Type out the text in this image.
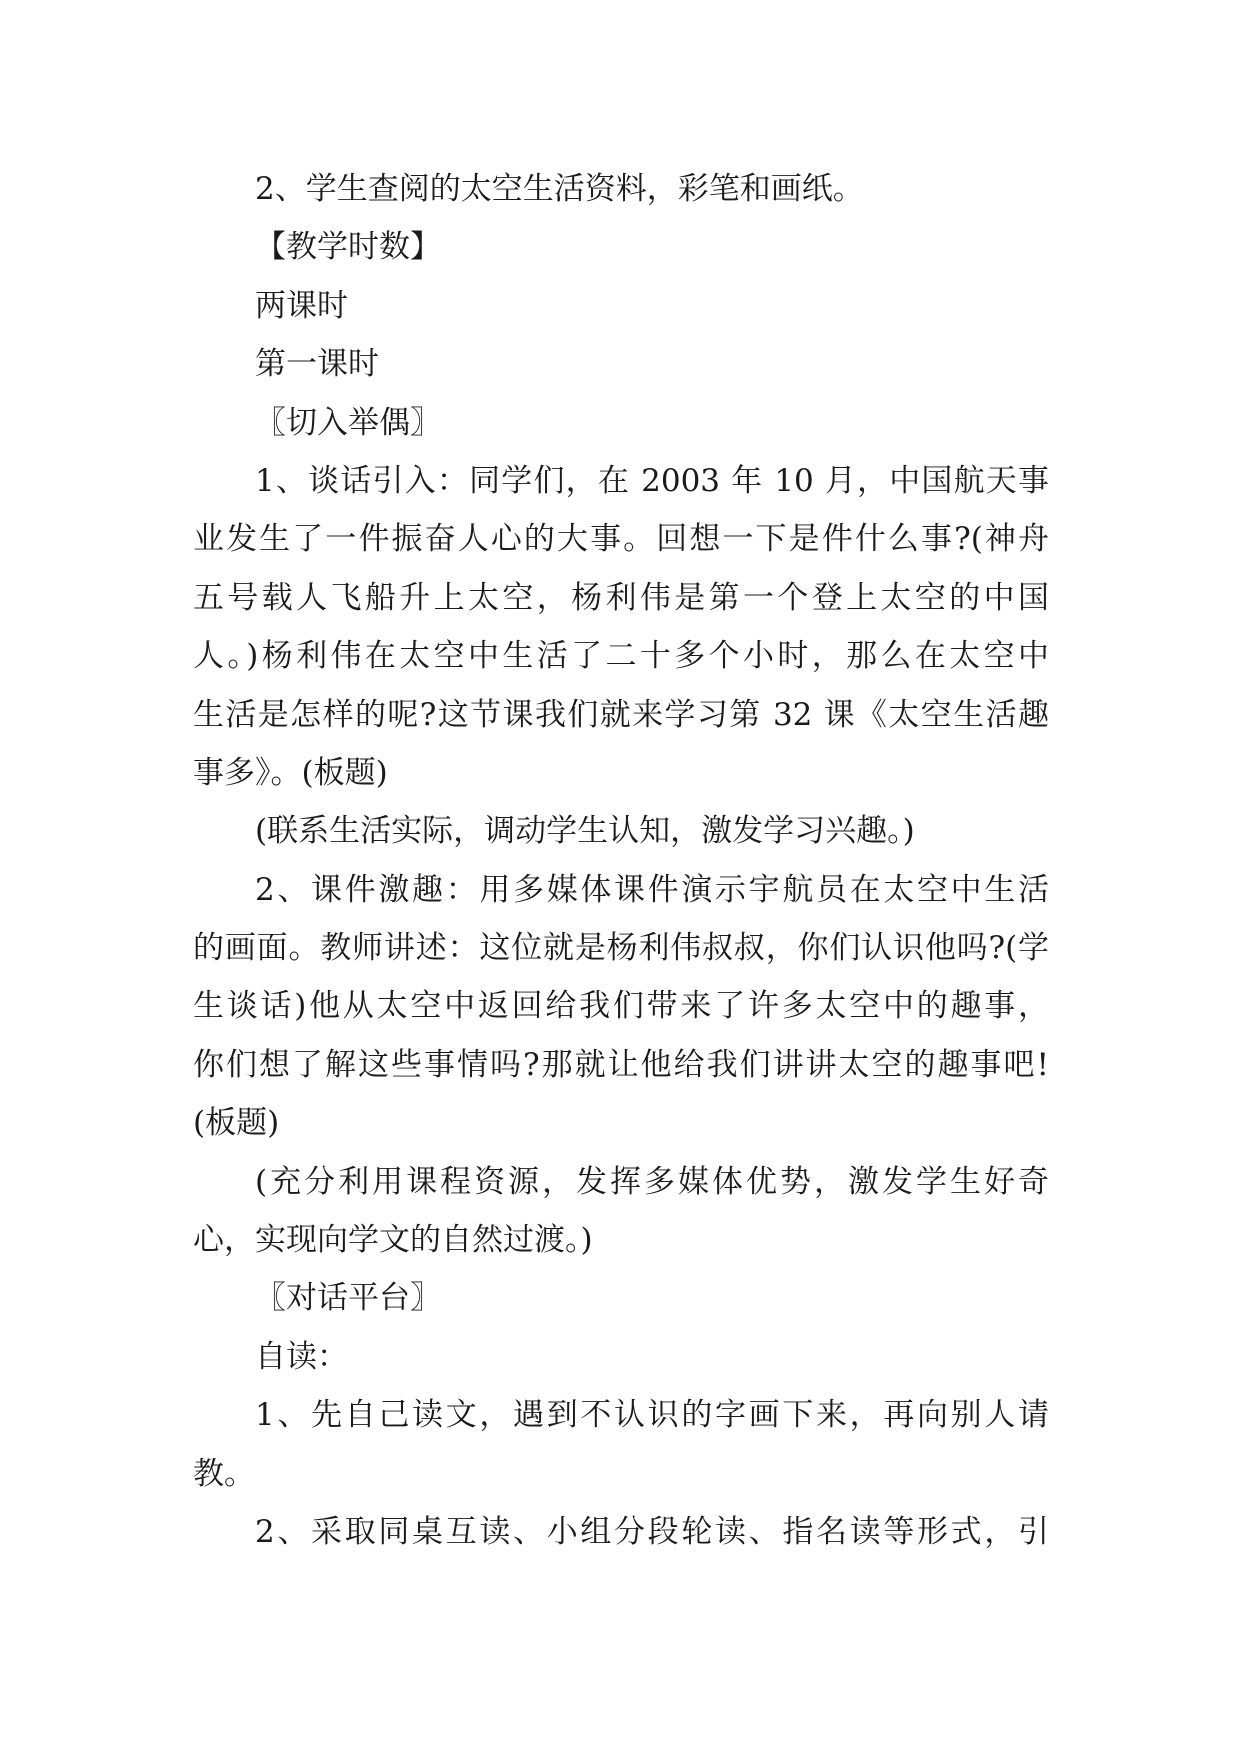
2、学生查阅的太空生活资料，彩笔和画纸。
【教学时数】
两课时
第一课时
〖切入举偶〗
1、谈话引入：同学们，在 2003 年 10 月，中国航天事
业发生了一件振奋人心的大事。回想一下是件什么事?(神舟
五号载人飞船升上太空，杨利伟是第一个登上太空的中国
人。)杨利伟在太空中生活了二十多个小时，那么在太空中
生活是怎样的呢?这节课我们就来学习第 32 课《太空生活趣
事多》。(板题)
(联系生活实际，调动学生认知，激发学习兴趣。)
2、课件激趣：用多媒体课件演示宇航员在太空中生活
的画面。教师讲述：这位就是杨利伟叔叔，你们认识他吗?(学
生谈话)他从太空中返回给我们带来了许多太空中的趣事，
你们想了解这些事情吗?那就让他给我们讲讲太空的趣事吧!
(板题)
(充分利用课程资源，发挥多媒体优势，激发学生好奇
心，实现向学文的自然过渡。)
〖对话平台〗
自读：
1、先自己读文，遇到不认识的字画下来，再向别人请
教。
2、采取同桌互读、小组分段轮读、指名读等形式，引
